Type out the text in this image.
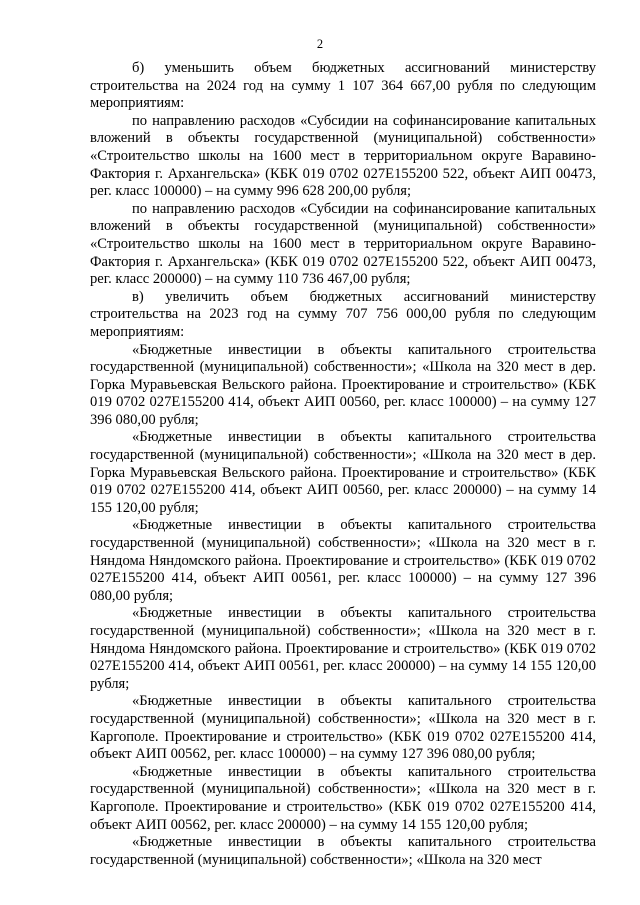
2

б) уменьшить объем бюджетных ассигнований министерству строительства на 2024 год на сумму 1 107 364 667,00 рубля по следующим мероприятиям:

по направлению расходов «Субсидии на софинансирование капитальных вложений в объекты государственной (муниципальной) собственности» «Строительство школы на 1600 мест в территориальном округе Варавино-Фактория г. Архангельска» (КБК 019 0702 027Е155200 522, объект АИП 00473, рег. класс 100000) – на сумму 996 628 200,00 рубля;

по направлению расходов «Субсидии на софинансирование капитальных вложений в объекты государственной (муниципальной) собственности» «Строительство школы на 1600 мест в территориальном округе Варавино-Фактория г. Архангельска» (КБК 019 0702 027Е155200 522, объект АИП 00473, рег. класс 200000) – на сумму 110 736 467,00 рубля;

в) увеличить объем бюджетных ассигнований министерству строительства на 2023 год на сумму 707 756 000,00 рубля по следующим мероприятиям:

«Бюджетные инвестиции в объекты капитального строительства государственной (муниципальной) собственности»; «Школа на 320 мест в дер. Горка Муравьевская Вельского района. Проектирование и строительство» (КБК 019 0702 027Е155200 414, объект АИП 00560, рег. класс 100000) – на сумму 127 396 080,00 рубля;

«Бюджетные инвестиции в объекты капитального строительства государственной (муниципальной) собственности»; «Школа на 320 мест в дер. Горка Муравьевская Вельского района. Проектирование и строительство» (КБК 019 0702 027Е155200 414, объект АИП 00560, рег. класс 200000) – на сумму 14 155 120,00 рубля;

«Бюджетные инвестиции в объекты капитального строительства государственной (муниципальной) собственности»; «Школа на 320 мест в г. Няндома Няндомского района. Проектирование и строительство» (КБК 019 0702 027Е155200 414, объект АИП 00561, рег. класс 100000) – на сумму 127 396 080,00 рубля;

«Бюджетные инвестиции в объекты капитального строительства государственной (муниципальной) собственности»; «Школа на 320 мест в г. Няндома Няндомского района. Проектирование и строительство» (КБК 019 0702 027Е155200 414, объект АИП 00561, рег. класс 200000) – на сумму 14 155 120,00 рубля;

«Бюджетные инвестиции в объекты капитального строительства государственной (муниципальной) собственности»; «Школа на 320 мест в г. Каргополе. Проектирование и строительство» (КБК 019 0702 027Е155200 414, объект АИП 00562, рег. класс 100000) – на сумму 127 396 080,00 рубля;

«Бюджетные инвестиции в объекты капитального строительства государственной (муниципальной) собственности»; «Школа на 320 мест в г. Каргополе. Проектирование и строительство» (КБК 019 0702 027Е155200 414, объект АИП 00562, рег. класс 200000) – на сумму 14 155 120,00 рубля;

«Бюджетные инвестиции в объекты капитального строительства государственной (муниципальной) собственности»; «Школа на 320 мест
